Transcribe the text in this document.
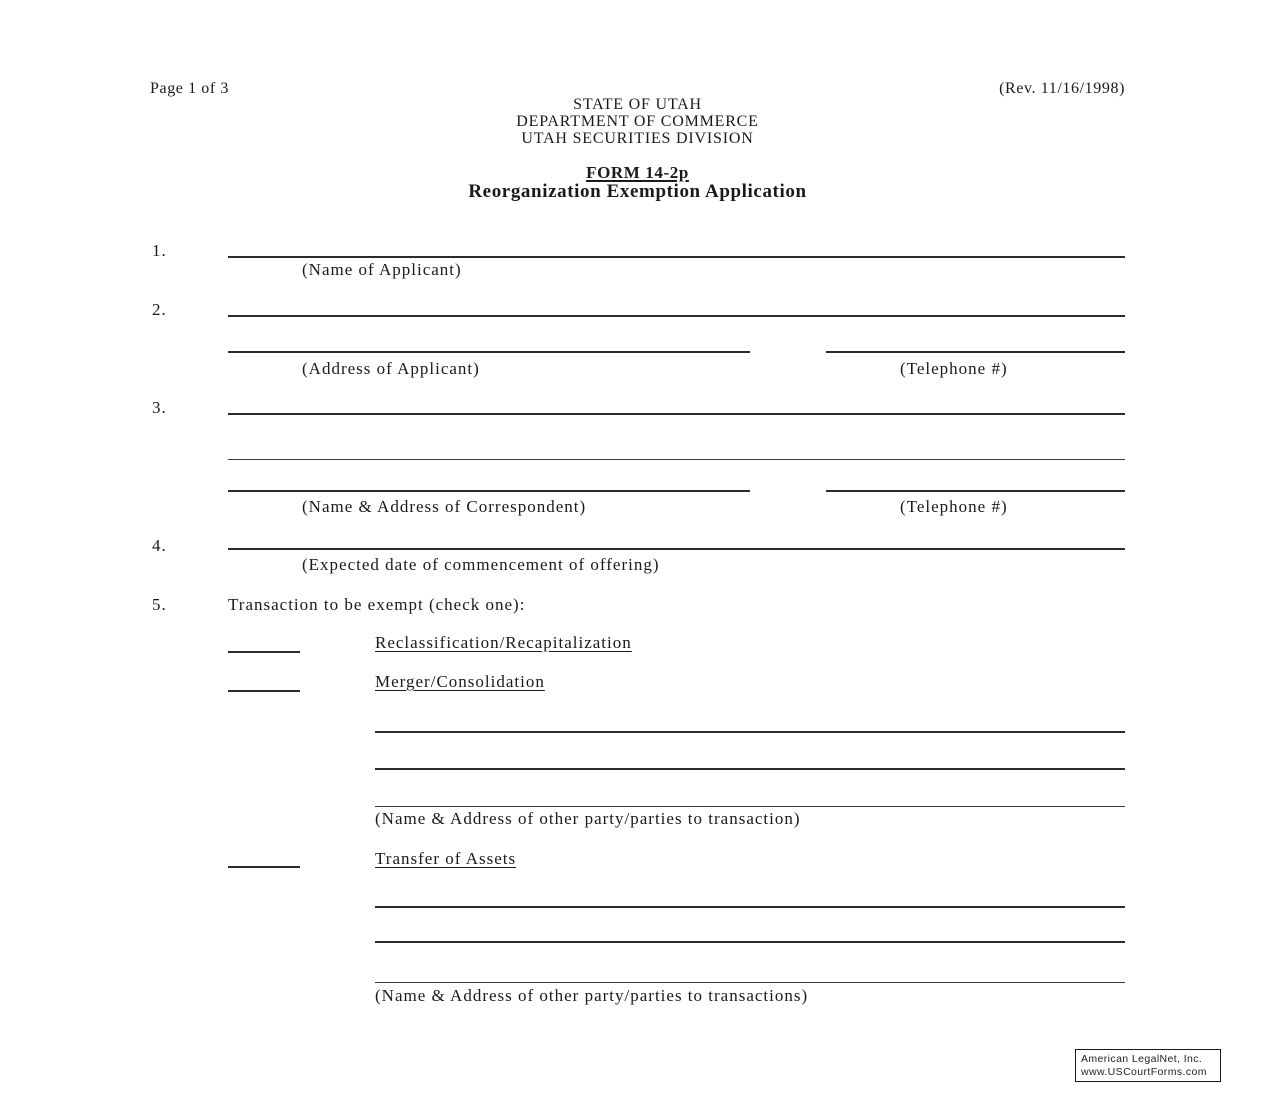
Page 1 of 3	(Rev. 11/16/1998)
STATE OF UTAH
DEPARTMENT OF COMMERCE
UTAH SECURITIES DIVISION
FORM 14-2p
Reorganization Exemption Application
1.
(Name of Applicant)
2.
(Address of Applicant)	(Telephone #)
3.
(Name & Address of Correspondent)	(Telephone #)
4.
(Expected date of commencement of offering)
5.	Transaction to be exempt (check one):
Reclassification/Recapitalization
Merger/Consolidation
(Name & Address of other party/parties to transaction)
Transfer of Assets
(Name & Address of other party/parties to transactions)
American LegalNet, Inc.
www.USCourtForms.com
